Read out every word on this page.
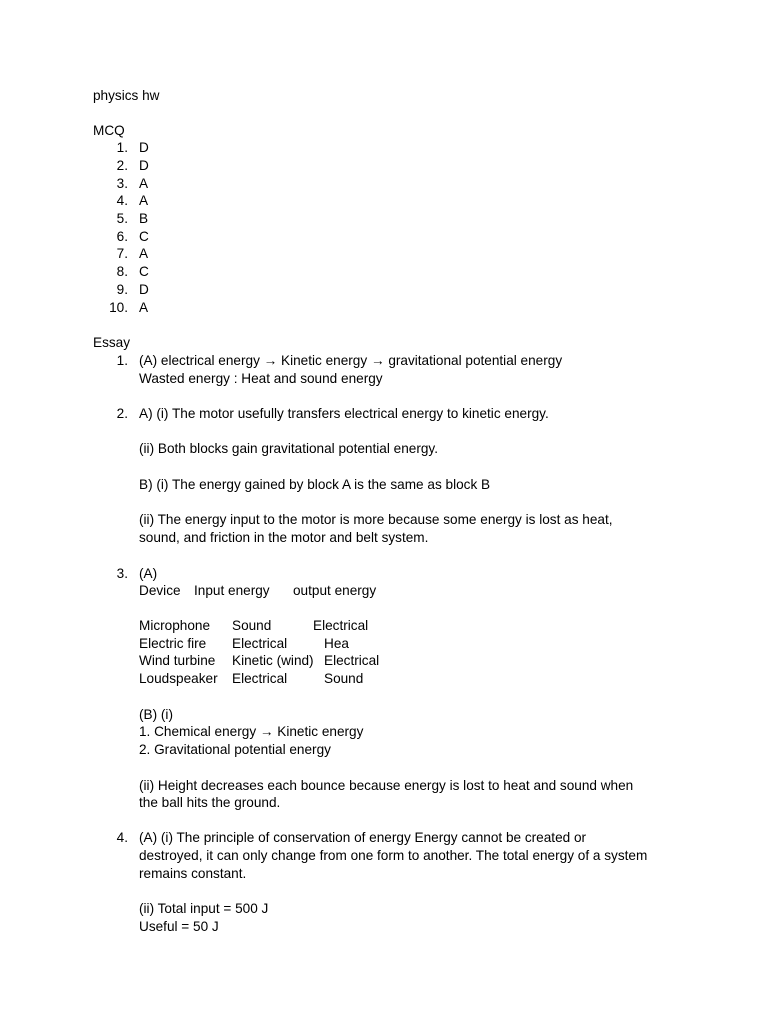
physics hw
MCQ
1. D
2. D
3. A
4. A
5. B
6. C
7. A
8. C
9. D
10. A
Essay
1. (A) electrical energy → Kinetic energy → gravitational potential energy
Wasted energy : Heat and sound energy
2. A) (i) The motor usefully transfers electrical energy to kinetic energy.
(ii) Both blocks gain gravitational potential energy.
B) (i) The energy gained by block A is the same as block B
(ii) The energy input to the motor is more because some energy is lost as heat,
sound, and friction in the motor and belt system.
3. (A)
Device Input energy output energy
Microphone Sound	Electrical
Electric fire Electrical	Hea
Wind turbine Kinetic (wind) Electrical
Loudspeaker Electrical	Sound
(B) (i)
1. Chemical energy → Kinetic energy
2. Gravitational potential energy
(ii) Height decreases each bounce because energy is lost to heat and sound when
the ball hits the ground.
4. (A) (i) The principle of conservation of energy Energy cannot be created or
destroyed, it can only change from one form to another. The total energy of a system
remains constant.
(ii) Total input = 500 J
Useful = 50 J
